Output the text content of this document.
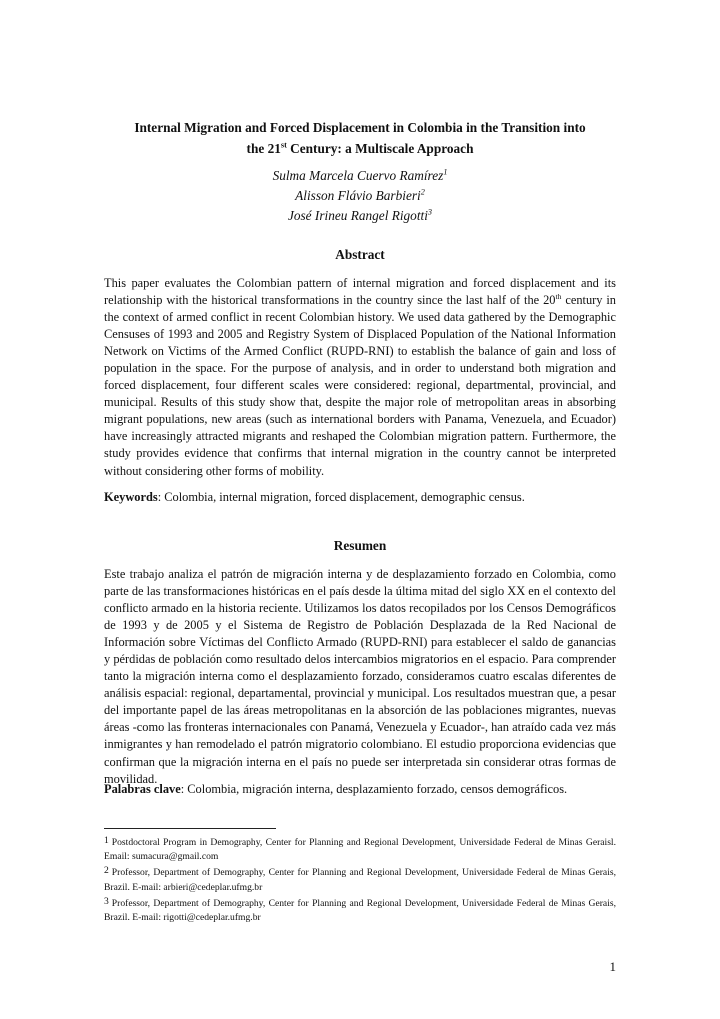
Internal Migration and Forced Displacement in Colombia in the Transition into
the 21st Century: a Multiscale Approach
Sulma Marcela Cuervo Ramírez$^1$
Alisson Flávio Barbieri$^2$
José Irineu Rangel Rigotti$^3$
Abstract
This paper evaluates the Colombian pattern of internal migration and forced displacement and its relationship with the historical transformations in the country since the last half of the 20th century in the context of armed conflict in recent Colombian history. We used data gathered by the Demographic Censuses of 1993 and 2005 and Registry System of Displaced Population of the National Information Network on Victims of the Armed Conflict (RUPD-RNI) to establish the balance of gain and loss of population in the space. For the purpose of analysis, and in order to understand both migration and forced displacement, four different scales were considered: regional, departmental, provincial, and municipal. Results of this study show that, despite the major role of metropolitan areas in absorbing migrant populations, new areas (such as international borders with Panama, Venezuela, and Ecuador) have increasingly attracted migrants and reshaped the Colombian migration pattern. Furthermore, the study provides evidence that confirms that internal migration in the country cannot be interpreted without considering other forms of mobility.
Keywords: Colombia, internal migration, forced displacement, demographic census.
Resumen
Este trabajo analiza el patrón de migración interna y de desplazamiento forzado en Colombia, como parte de las transformaciones históricas en el país desde la última mitad del siglo XX en el contexto del conflicto armado en la historia reciente. Utilizamos los datos recopilados por los Censos Demográficos de 1993 y de 2005 y el Sistema de Registro de Población Desplazada de la Red Nacional de Información sobre Víctimas del Conflicto Armado (RUPD-RNI) para establecer el saldo de ganancias y pérdidas de población como resultado delos intercambios migratorios en el espacio. Para comprender tanto la migración interna como el desplazamiento forzado, consideramos cuatro escalas diferentes de análisis espacial: regional, departamental, provincial y municipal. Los resultados muestran que, a pesar del importante papel de las áreas metropolitanas en la absorción de las poblaciones migrantes, nuevas áreas -como las fronteras internacionales con Panamá, Venezuela y Ecuador-, han atraído cada vez más inmigrantes y han remodelado el patrón migratorio colombiano. El estudio proporciona evidencias que confirman que la migración interna en el país no puede ser interpretada sin considerar otras formas de movilidad.
Palabras clave: Colombia, migración interna, desplazamiento forzado, censos demográficos.
$^1$ Postdoctoral Program in Demography, Center for Planning and Regional Development, Universidade Federal de Minas Geraisl. Email: sumacura@gmail.com
$^2$ Professor, Department of Demography, Center for Planning and Regional Development, Universidade Federal de Minas Gerais, Brazil. E-mail: arbieri@cedeplar.ufmg.br
$^3$ Professor, Department of Demography, Center for Planning and Regional Development, Universidade Federal de Minas Gerais, Brazil. E-mail: rigotti@cedeplar.ufmg.br
1
